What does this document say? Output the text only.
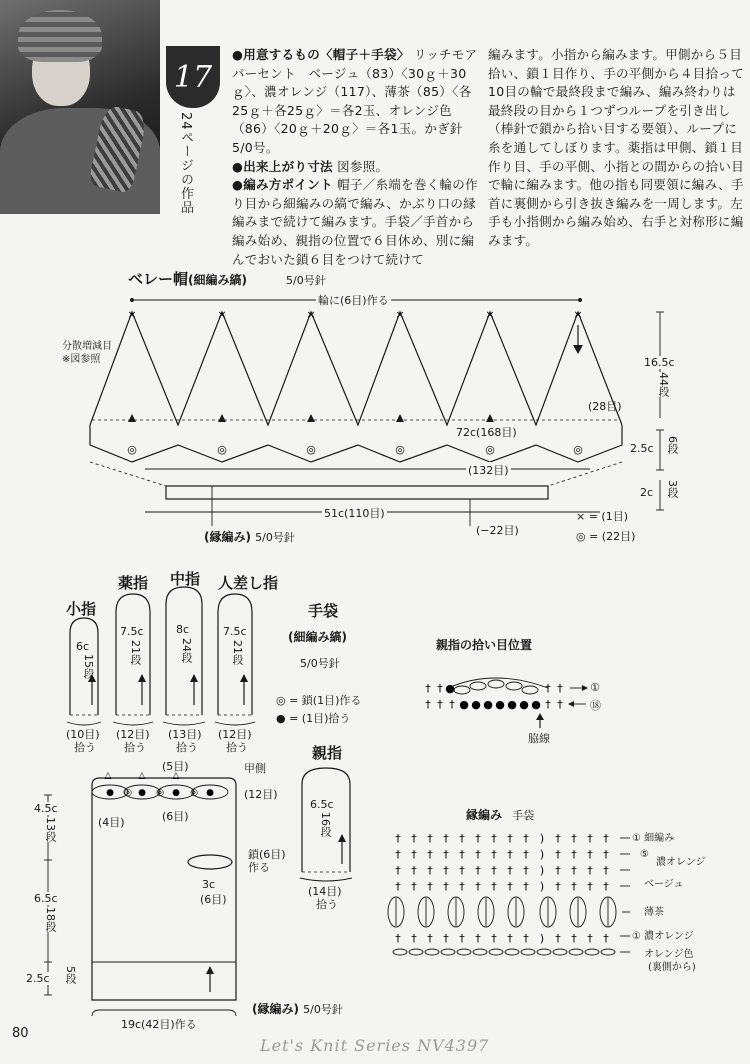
17
24ページの作品
●用意するもの〈帽子＋手袋〉 リッチモア　パーセント　ベージュ（83）〈30ｇ＋30ｇ〉、濃オレンジ（117）、薄茶（85）〈各25ｇ＋各25ｇ〉＝各2玉、オレンジ色（86）〈20ｇ＋20ｇ〉＝各1玉。かぎ針5/0号。
●出来上がり寸法 図参照。
●編み方ポイント 帽子／糸端を巻く輪の作り目から細編みの縞で編み、かぶり口の縁編みまで続けて編みます。手袋／手首から編み始め、親指の位置で６目休め、別に編んでおいた鎖６目をつけて続けて
編みます。小指から編みます。甲側から５目拾い、鎖１目作り、手の平側から４目拾って10目の輪で最終段まで編み、編み終わりは最終段の目から１つずつループを引き出し（棒針で鎖から拾い目する要領）、ループに糸を通してしぼります。薬指は甲側、鎖１目作り目、手の平側、小指との間からの拾い目で輪に編みます。他の指も同要領に編み、手首に裏側から引き抜き編みを一周します。左手も小指側から編み始め、右手と対称形に編みます。
×	×	×	×	×	×
◎	◎	◎	◎	◎	◎
● ◎ ● ◎ ● ◎ ●
△	△	△
† † ●	† †
† † † ● ● ● ● ● ● ● † †
† † † † † † † † † ) † † † †
† † † † † † † † † ) † † † †
† † † † † † † † † ) † † † †
† † † † † † † † † ) † † † †
† † † † † † † † † ) † † † †
ベレー帽(細編み縞)	5/0号針
輪に(6目)作る
分散増減目
※図参照	16.5c
44段
(28目)
72c(168目)
2.5c 6段
(132目)
2c 3段
51c(110目)
(−22目)
(縁編み) 5/0号針
× = (1目)
◎ = (22目)
小指
薬指 中指 人差し指
6c
15段
7.5c
21段
8c
24段
7.5c
21段
(10目) (12目) (13目) (12目)
拾う	拾う	拾う	拾う
手袋
(細編み縞)
5/0号針
◎ = 鎖(1目)作る
● = (1目)拾う
親指
6.5c
16段
(14目)
拾う
(5目)	甲側
(12目)
(4目)	(6目)
鎖(6目)
作る
3c
(6目)
4.5c
13段
6.5c
18段
2.5c 5段
(縁編み) 5/0号針
19c(42目)作る
親指の拾い目位置
①
⑱
脇線
縁編み 手袋
① 細編み
⑤
濃オレンジ
ベージュ
薄茶
① 濃オレンジ
オレンジ色
(裏側から)
80
Let's Knit Series NV4397
